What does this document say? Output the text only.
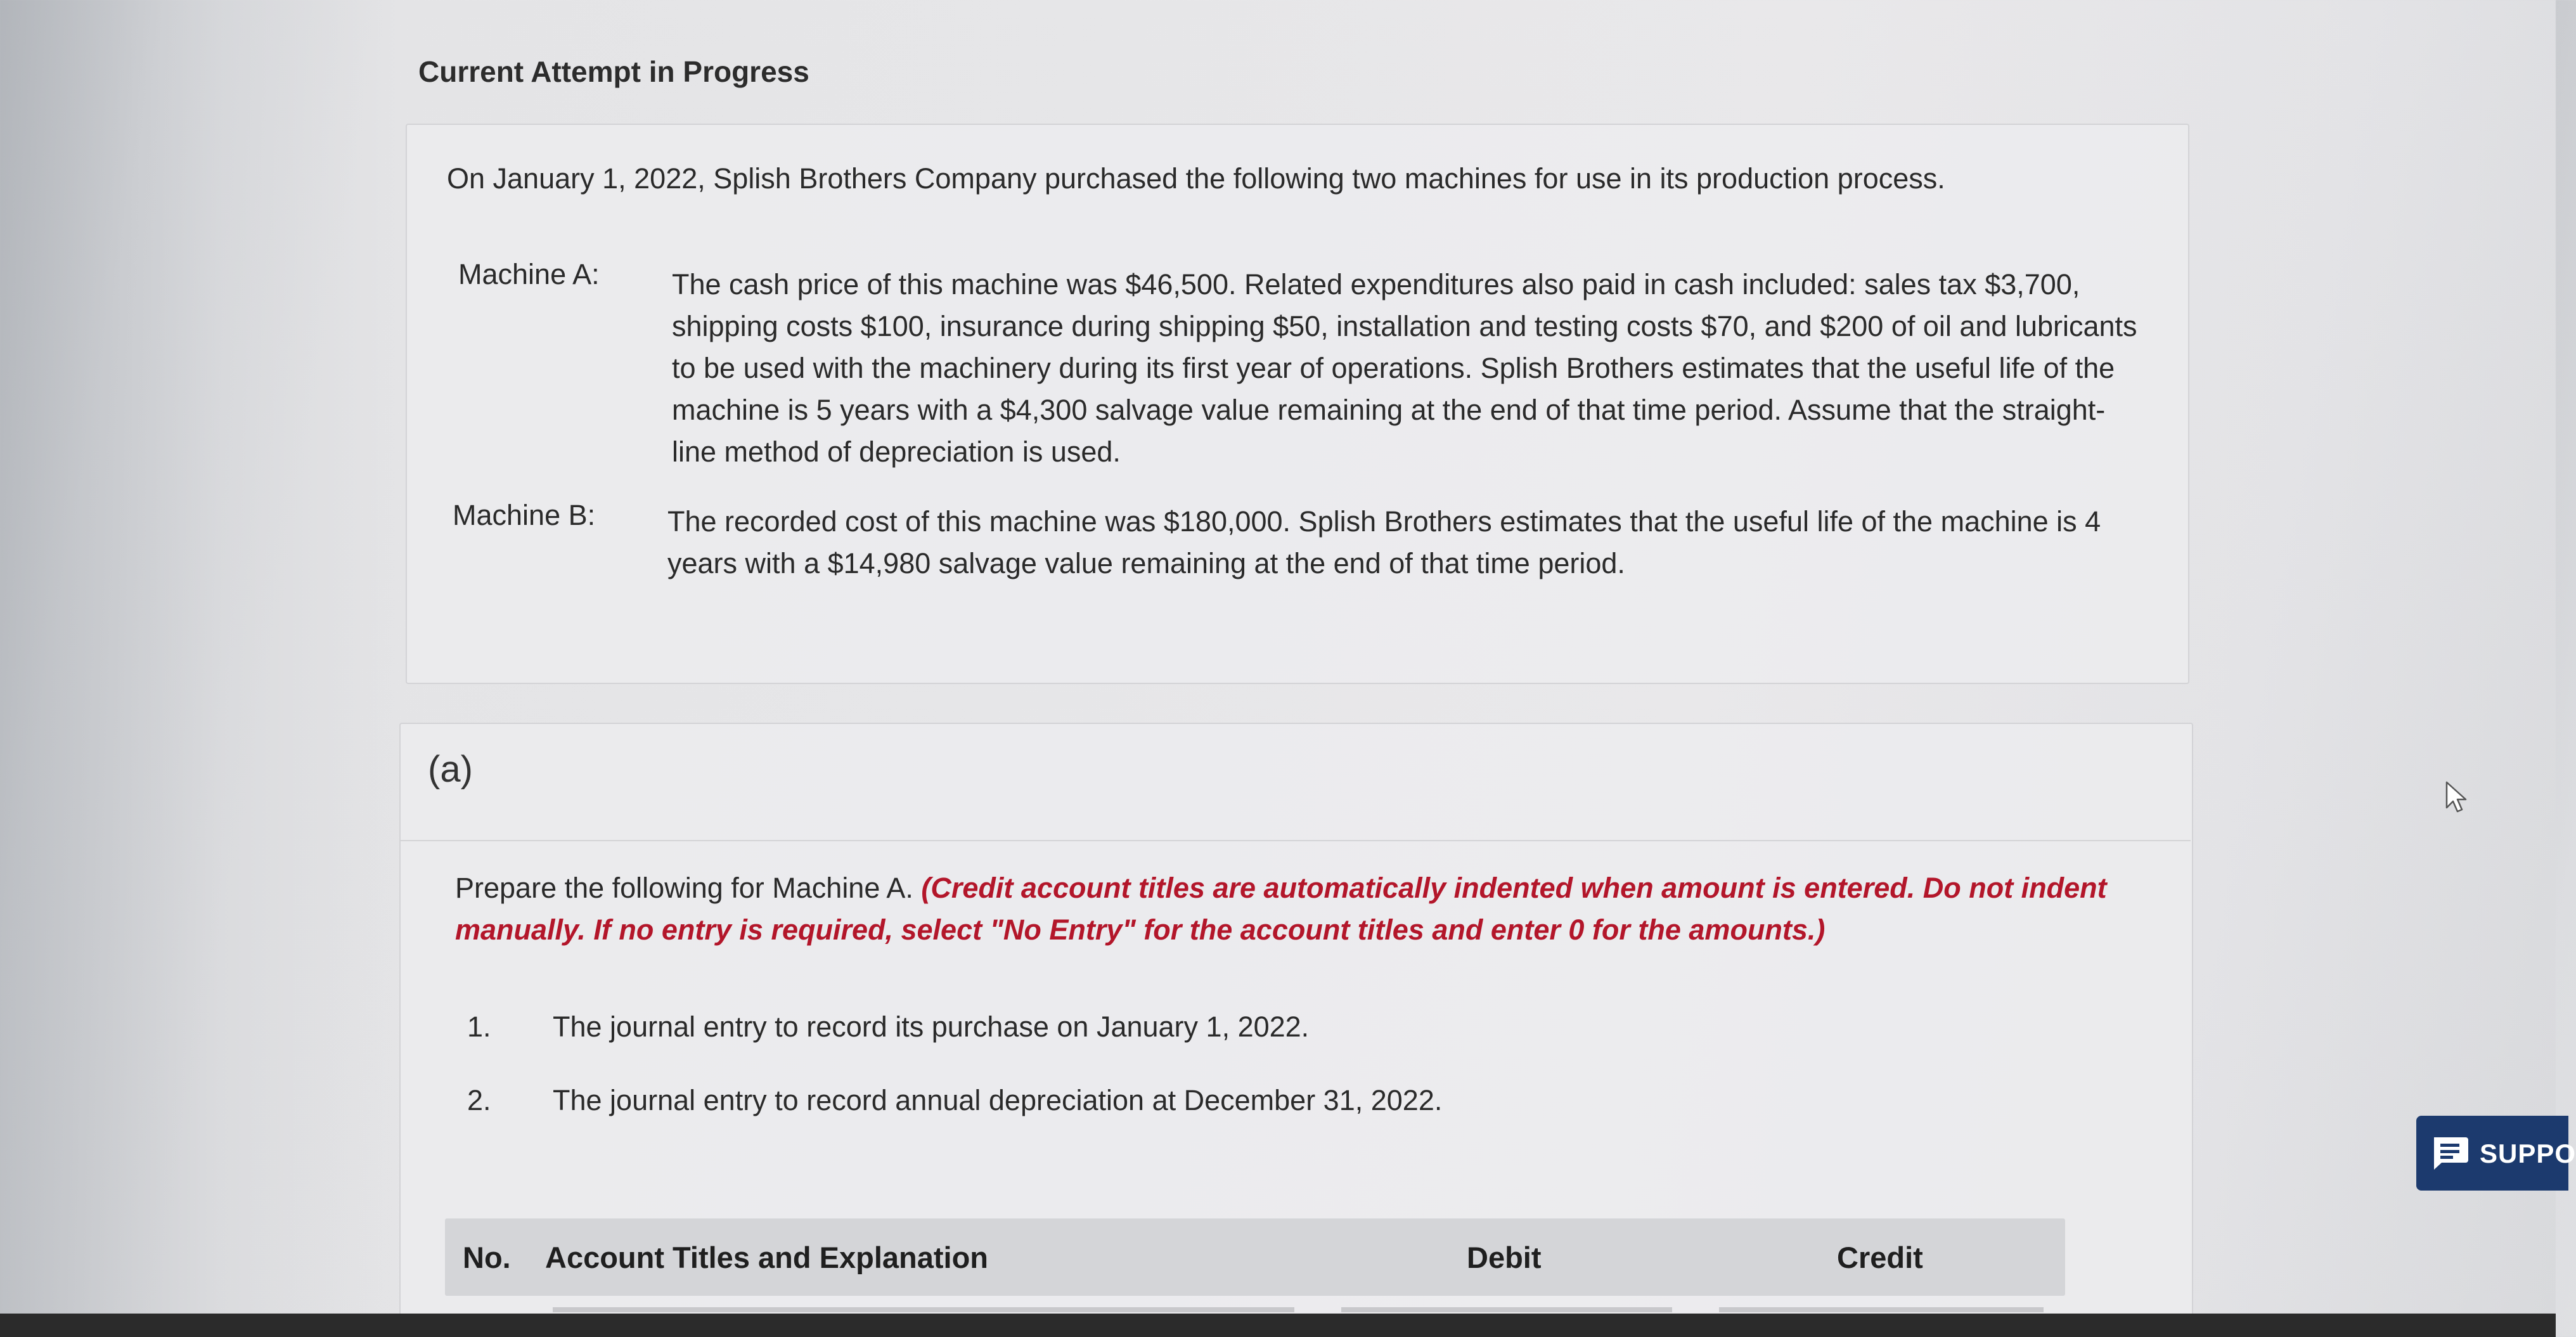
Current Attempt in Progress
On January 1, 2022, Splish Brothers Company purchased the following two machines for use in its production process.
Machine A:	The cash price of this machine was $46,500. Related expenditures also paid in cash included: sales tax $3,700, shipping costs $100, insurance during shipping $50, installation and testing costs $70, and $200 of oil and lubricants to be used with the machinery during its first year of operations. Splish Brothers estimates that the useful life of the machine is 5 years with a $4,300 salvage value remaining at the end of that time period. Assume that the straight-line method of depreciation is used.
Machine B:	The recorded cost of this machine was $180,000. Splish Brothers estimates that the useful life of the machine is 4 years with a $14,980 salvage value remaining at the end of that time period.
(a)
Prepare the following for Machine A. (Credit account titles are automatically indented when amount is entered. Do not indent manually. If no entry is required, select "No Entry" for the account titles and enter 0 for the amounts.)
1. The journal entry to record its purchase on January 1, 2022.
2. The journal entry to record annual depreciation at December 31, 2022.
No. Account Titles and Explanation	Debit	Credit
SUPPO
